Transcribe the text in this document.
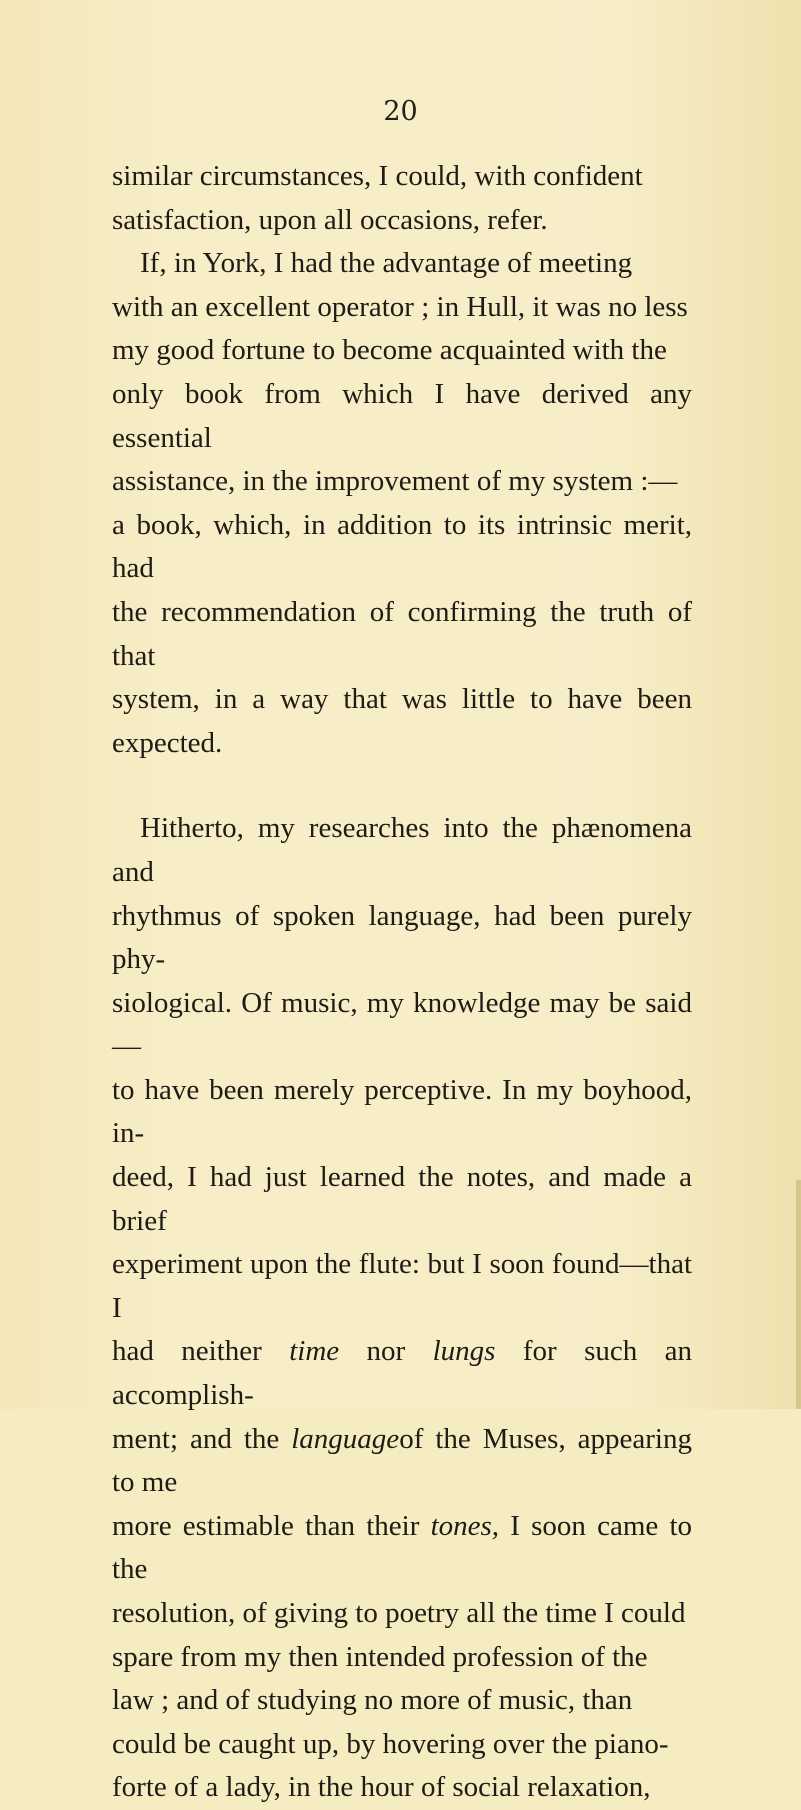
20
similar circumstances, I could, with confident
satisfaction, upon all occasions, refer.
If, in York, I had the advantage of meeting
with an excellent operator ; in Hull, it was no less
my good fortune to become acquainted with the
only book from which I have derived any essential
assistance, in the improvement of my system :—
a book, which, in addition to its intrinsic merit, had
the recommendation of confirming the truth of that
system, in a way that was little to have been expected.
Hitherto, my researches into the phænomena and
rhythmus of spoken language, had been purely phy-
siological. Of music, my knowledge may be said—
to have been merely perceptive. In my boyhood, in-
deed, I had just learned the notes, and made a brief
experiment upon the flute: but I soon found—that I
had neither time nor lungs for such an accomplish-
ment; and the languageof the Muses, appearing to me
more estimable than their tones, I soon came to the
resolution, of giving to poetry all the time I could
spare from my then intended profession of the
law ; and of studying no more of music, than
could be caught up, by hovering over the piano-
forte of a lady, in the hour of social relaxation,
